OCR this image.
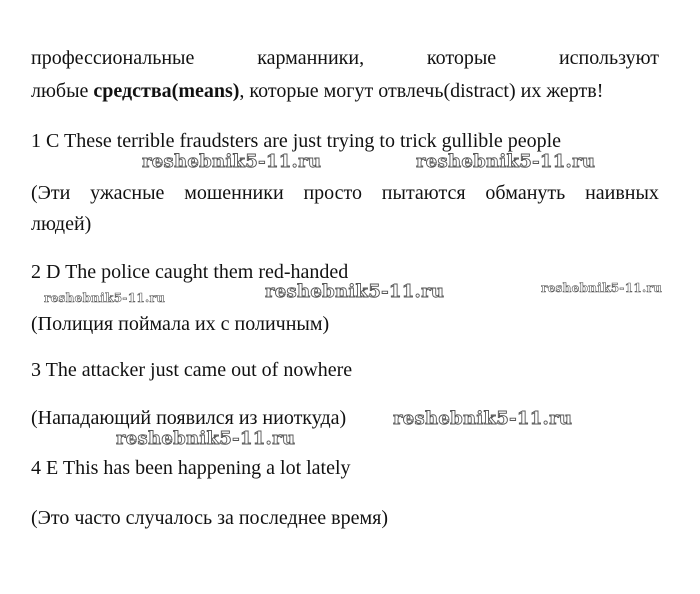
профессиональные	карманники,	которые	используют
любые средства(means), которые могут отвлечь(distract) их жертв!
1 C These terrible fraudsters are just trying to trick gullible people
(Эти ужасные мошенники просто пытаются обмануть наивных
людей)
2 D The police caught them red-handed
(Полиция поймала их с поличным)
3 The attacker just came out of nowhere
(Нападающий появился из ниоткуда)
4 E This has been happening a lot lately
(Это часто случалось за последнее время)
reshebnik5-11.ru	reshebnik5-11.ru
reshebnik5-11.ru	reshebnik5-11.ru	reshebnik5-11.ru
reshebnik5-11.ru
reshebnik5-11.ru
